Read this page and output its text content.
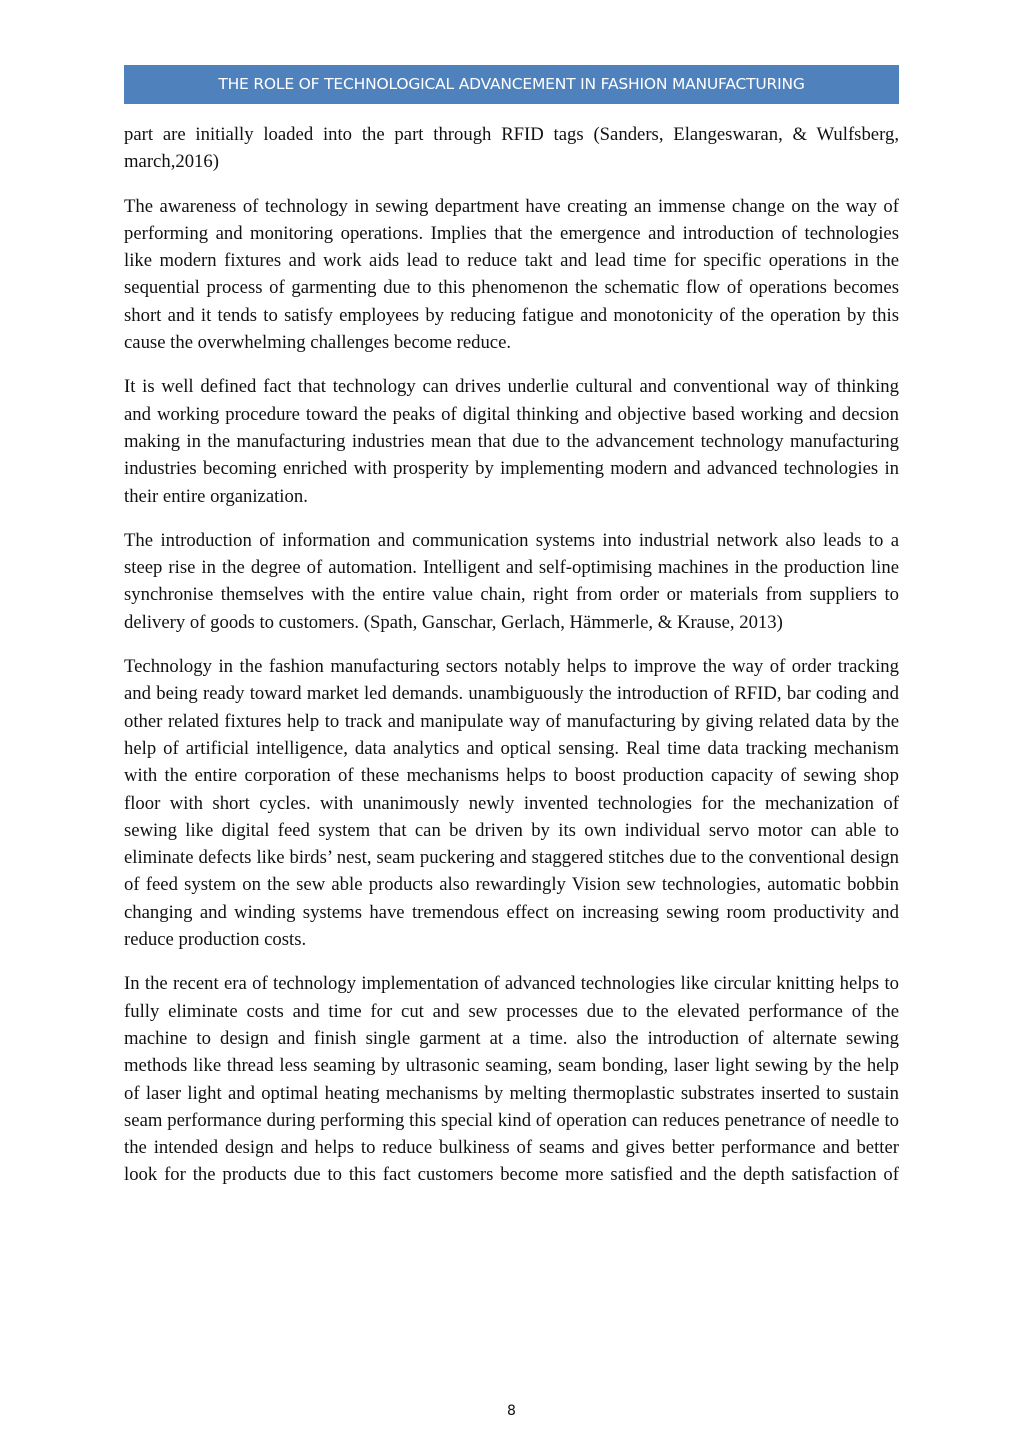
THE ROLE OF TECHNOLOGICAL ADVANCEMENT IN FASHION MANUFACTURING

part are initially loaded into the part through RFID tags (Sanders, Elangeswaran, & Wulfsberg, march,2016)

The awareness of technology in sewing department have creating an immense change on the way of performing and monitoring operations. Implies that the emergence and introduction of technologies like modern fixtures and work aids lead to reduce takt and lead time for specific operations in the sequential process of garmenting due to this phenomenon the schematic flow of operations becomes short and it tends to satisfy employees by reducing fatigue and monotonicity of the operation by this cause the overwhelming challenges become reduce.

It is well defined fact that technology can drives underlie cultural and conventional way of thinking and working procedure toward the peaks of digital thinking and objective based working and decsion making in the manufacturing industries mean that due to the advancement technology manufacturing industries becoming enriched with prosperity by implementing modern and advanced technologies in their entire organization.

The introduction of information and communication systems into industrial network also leads to a steep rise in the degree of automation. Intelligent and self-optimising machines in the production line synchronise themselves with the entire value chain, right from order or materials from suppliers to delivery of goods to customers. (Spath, Ganschar, Gerlach, Hämmerle, & Krause, 2013)

Technology in the fashion manufacturing sectors notably helps to improve the way of order tracking and being ready toward market led demands. unambiguously the introduction of RFID, bar coding and other related fixtures help to track and manipulate way of manufacturing by giving related data by the help of artificial intelligence, data analytics and optical sensing. Real time data tracking mechanism with the entire corporation of these mechanisms helps to boost production capacity of sewing shop floor with short cycles. with unanimously newly invented technologies for the mechanization of sewing like digital feed system that can be driven by its own individual servo motor can able to eliminate defects like birds’ nest, seam puckering and staggered stitches due to the conventional design of feed system on the sew able products also rewardingly Vision sew technologies, automatic bobbin changing and winding systems have tremendous effect on increasing sewing room productivity and reduce production costs.

In the recent era of technology implementation of advanced technologies like circular knitting helps to fully eliminate costs and time for cut and sew processes due to the elevated performance of the machine to design and finish single garment at a time. also the introduction of alternate sewing methods like thread less seaming by ultrasonic seaming, seam bonding, laser light sewing by the help of laser light and optimal heating mechanisms by melting thermoplastic substrates inserted to sustain seam performance during performing this special kind of operation can reduces penetrance of needle to the intended design and helps to reduce bulkiness of seams and gives better performance and better look for the products due to this fact customers become more satisfied and the depth satisfaction of

8
